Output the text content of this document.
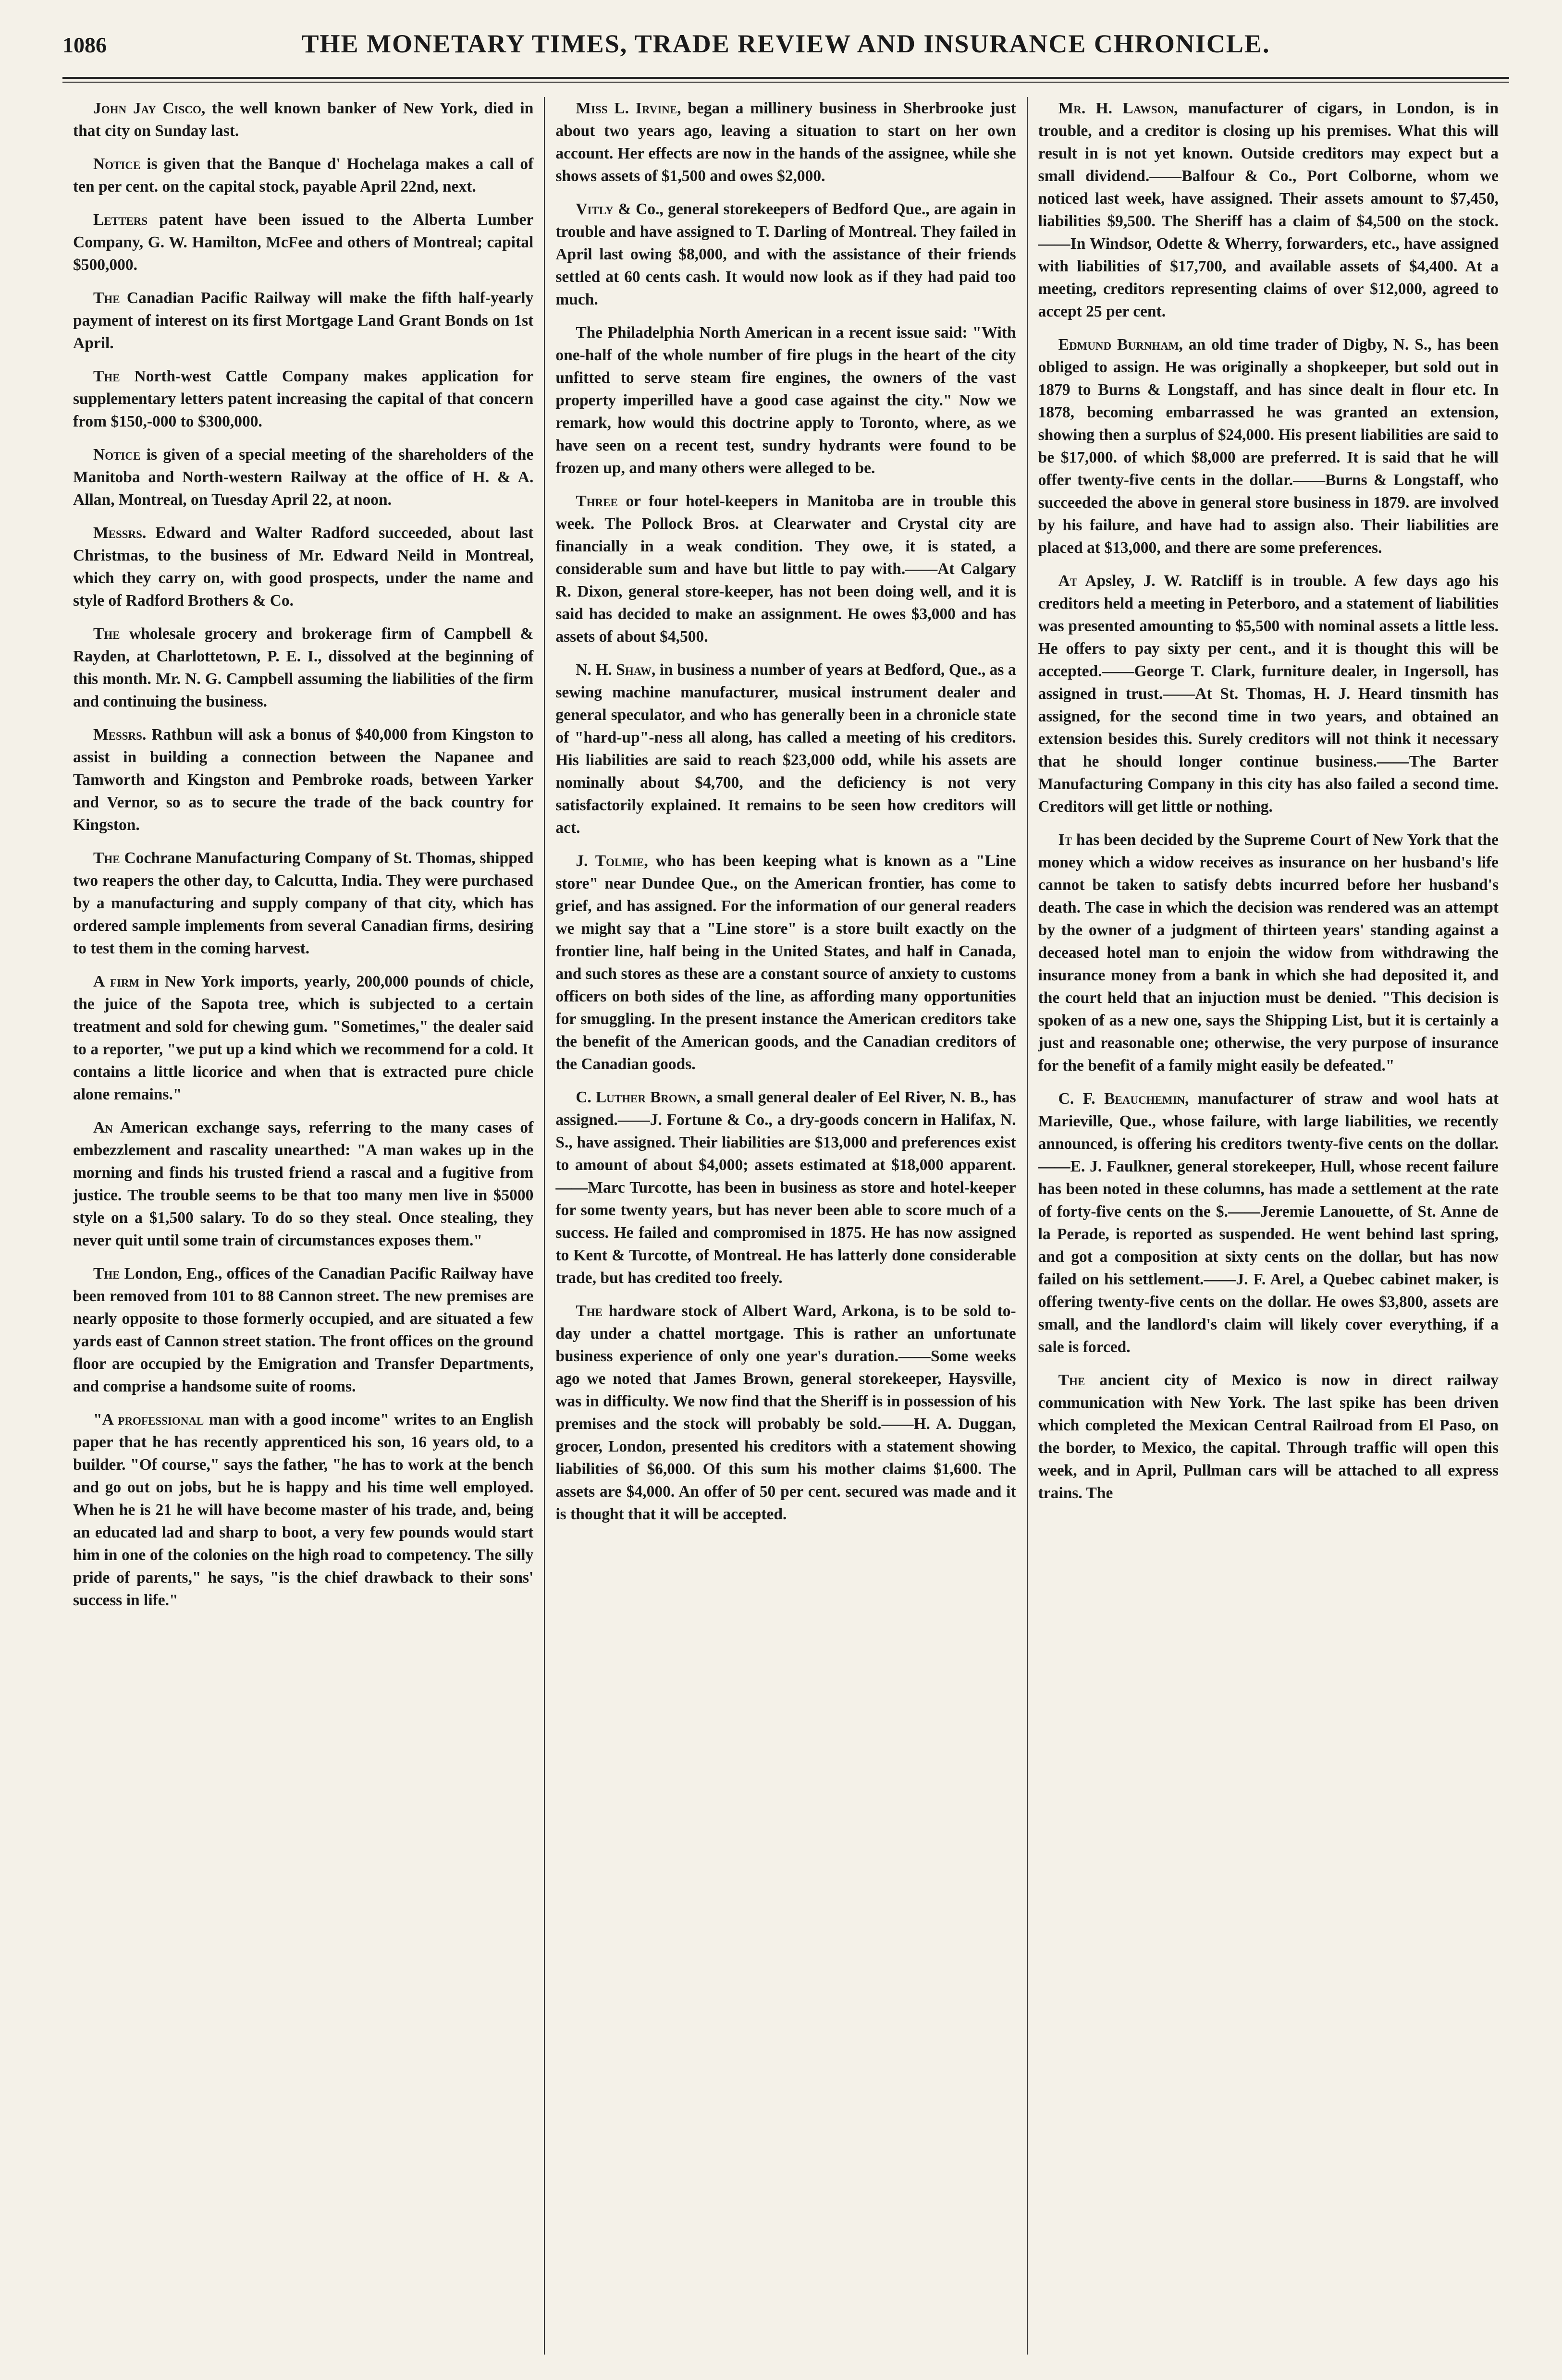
1086	THE MONETARY TIMES, TRADE REVIEW AND INSURANCE CHRONICLE.

John Jay Cisco, the well known banker of New York, died in that city on Sunday last.

Notice is given that the Banque d' Hochelaga makes a call of ten per cent. on the capital stock, payable April 22nd, next.

Letters patent have been issued to the Alberta Lumber Company, G. W. Hamilton, McFee and others of Montreal; capital $500,000.

The Canadian Pacific Railway will make the fifth half-yearly payment of interest on its first Mortgage Land Grant Bonds on 1st April.

The North-west Cattle Company makes application for supplementary letters patent increasing the capital of that concern from $150,-000 to $300,000.

Notice is given of a special meeting of the shareholders of the Manitoba and North-western Railway at the office of H. & A. Allan, Montreal, on Tuesday April 22, at noon.

Messrs. Edward and Walter Radford succeeded, about last Christmas, to the business of Mr. Edward Neild in Montreal, which they carry on, with good prospects, under the name and style of Radford Brothers & Co.

The wholesale grocery and brokerage firm of Campbell & Rayden, at Charlottetown, P. E. I., dissolved at the beginning of this month. Mr. N. G. Campbell assuming the liabilities of the firm and continuing the business.

Messrs. Rathbun will ask a bonus of $40,000 from Kingston to assist in building a connection between the Napanee and Tamworth and Kingston and Pembroke roads, between Yarker and Vernor, so as to secure the trade of the back country for Kingston.

The Cochrane Manufacturing Company of St. Thomas, shipped two reapers the other day, to Calcutta, India. They were purchased by a manufacturing and supply company of that city, which has ordered sample implements from several Canadian firms, desiring to test them in the coming harvest.

A firm in New York imports, yearly, 200,000 pounds of chicle, the juice of the Sapota tree, which is subjected to a certain treatment and sold for chewing gum. "Sometimes," the dealer said to a reporter, "we put up a kind which we recommend for a cold. It contains a little licorice and when that is extracted pure chicle alone remains."

An American exchange says, referring to the many cases of embezzlement and rascality unearthed: "A man wakes up in the morning and finds his trusted friend a rascal and a fugitive from justice. The trouble seems to be that too many men live in $5000 style on a $1,500 salary. To do so they steal. Once stealing, they never quit until some train of circumstances exposes them."

The London, Eng., offices of the Canadian Pacific Railway have been removed from 101 to 88 Cannon street. The new premises are nearly opposite to those formerly occupied, and are situated a few yards east of Cannon street station. The front offices on the ground floor are occupied by the Emigration and Transfer Departments, and comprise a handsome suite of rooms.

"A professional man with a good income" writes to an English paper that he has recently apprenticed his son, 16 years old, to a builder. "Of course," says the father, "he has to work at the bench and go out on jobs, but he is happy and his time well employed. When he is 21 he will have become master of his trade, and, being an educated lad and sharp to boot, a very few pounds would start him in one of the colonies on the high road to competency. The silly pride of parents," he says, "is the chief drawback to their sons' success in life."

Miss L. Irvine, began a millinery business in Sherbrooke just about two years ago, leaving a situation to start on her own account. Her effects are now in the hands of the assignee, while she shows assets of $1,500 and owes $2,000.

Vitly & Co., general storekeepers of Bedford Que., are again in trouble and have assigned to T. Darling of Montreal. They failed in April last owing $8,000, and with the assistance of their friends settled at 60 cents cash. It would now look as if they had paid too much.

The Philadelphia North American in a recent issue said: "With one-half of the whole number of fire plugs in the heart of the city unfitted to serve steam fire engines, the owners of the vast property imperilled have a good case against the city." Now we remark, how would this doctrine apply to Toronto, where, as we have seen on a recent test, sundry hydrants were found to be frozen up, and many others were alleged to be.

Three or four hotel-keepers in Manitoba are in trouble this week. The Pollock Bros. at Clearwater and Crystal city are financially in a weak condition. They owe, it is stated, a considerable sum and have but little to pay with.——At Calgary R. Dixon, general store-keeper, has not been doing well, and it is said has decided to make an assignment. He owes $3,000 and has assets of about $4,500.

N. H. Shaw, in business a number of years at Bedford, Que., as a sewing machine manufacturer, musical instrument dealer and general speculator, and who has generally been in a chronicle state of "hard-up"-ness all along, has called a meeting of his creditors. His liabilities are said to reach $23,000 odd, while his assets are nominally about $4,700, and the deficiency is not very satisfactorily explained. It remains to be seen how creditors will act.

J. Tolmie, who has been keeping what is known as a "Line store" near Dundee Que., on the American frontier, has come to grief, and has assigned. For the information of our general readers we might say that a "Line store" is a store built exactly on the frontier line, half being in the United States, and half in Canada, and such stores as these are a constant source of anxiety to customs officers on both sides of the line, as affording many opportunities for smuggling. In the present instance the American creditors take the benefit of the American goods, and the Canadian creditors of the Canadian goods.

C. Luther Brown, a small general dealer of Eel River, N. B., has assigned.——J. Fortune & Co., a dry-goods concern in Halifax, N. S., have assigned. Their liabilities are $13,000 and preferences exist to amount of about $4,000; assets estimated at $18,000 apparent.——Marc Turcotte, has been in business as store and hotel-keeper for some twenty years, but has never been able to score much of a success. He failed and compromised in 1875. He has now assigned to Kent & Turcotte, of Montreal. He has latterly done considerable trade, but has credited too freely.

The hardware stock of Albert Ward, Arkona, is to be sold to-day under a chattel mortgage. This is rather an unfortunate business experience of only one year's duration.——Some weeks ago we noted that James Brown, general storekeeper, Haysville, was in difficulty. We now find that the Sheriff is in possession of his premises and the stock will probably be sold.——H. A. Duggan, grocer, London, presented his creditors with a statement showing liabilities of $6,000. Of this sum his mother claims $1,600. The assets are $4,000. An offer of 50 per cent. secured was made and it is thought that it will be accepted.

Mr. H. Lawson, manufacturer of cigars, in London, is in trouble, and a creditor is closing up his premises. What this will result in is not yet known. Outside creditors may expect but a small dividend.——Balfour & Co., Port Colborne, whom we noticed last week, have assigned. Their assets amount to $7,450, liabilities $9,500. The Sheriff has a claim of $4,500 on the stock.——In Windsor, Odette & Wherry, forwarders, etc., have assigned with liabilities of $17,700, and available assets of $4,400. At a meeting, creditors representing claims of over $12,000, agreed to accept 25 per cent.

Edmund Burnham, an old time trader of Digby, N. S., has been obliged to assign. He was originally a shopkeeper, but sold out in 1879 to Burns & Longstaff, and has since dealt in flour etc. In 1878, becoming embarrassed he was granted an extension, showing then a surplus of $24,000. His present liabilities are said to be $17,000. of which $8,000 are preferred. It is said that he will offer twenty-five cents in the dollar.——Burns & Longstaff, who succeeded the above in general store business in 1879. are involved by his failure, and have had to assign also. Their liabilities are placed at $13,000, and there are some preferences.

At Apsley, J. W. Ratcliff is in trouble. A few days ago his creditors held a meeting in Peterboro, and a statement of liabilities was presented amounting to $5,500 with nominal assets a little less. He offers to pay sixty per cent., and it is thought this will be accepted.——George T. Clark, furniture dealer, in Ingersoll, has assigned in trust.——At St. Thomas, H. J. Heard tinsmith has assigned, for the second time in two years, and obtained an extension besides this. Surely creditors will not think it necessary that he should longer continue business.——The Barter Manufacturing Company in this city has also failed a second time. Creditors will get little or nothing.

It has been decided by the Supreme Court of New York that the money which a widow receives as insurance on her husband's life cannot be taken to satisfy debts incurred before her husband's death. The case in which the decision was rendered was an attempt by the owner of a judgment of thirteen years' standing against a deceased hotel man to enjoin the widow from withdrawing the insurance money from a bank in which she had deposited it, and the court held that an injuction must be denied. "This decision is spoken of as a new one, says the Shipping List, but it is certainly a just and reasonable one; otherwise, the very purpose of insurance for the benefit of a family might easily be defeated."

C. F. Beauchemin, manufacturer of straw and wool hats at Marieville, Que., whose failure, with large liabilities, we recently announced, is offering his creditors twenty-five cents on the dollar.——E. J. Faulkner, general storekeeper, Hull, whose recent failure has been noted in these columns, has made a settlement at the rate of forty-five cents on the $.——Jeremie Lanouette, of St. Anne de la Perade, is reported as suspended. He went behind last spring, and got a composition at sixty cents on the dollar, but has now failed on his settlement.——J. F. Arel, a Quebec cabinet maker, is offering twenty-five cents on the dollar. He owes $3,800, assets are small, and the landlord's claim will likely cover everything, if a sale is forced.

The ancient city of Mexico is now in direct railway communication with New York. The last spike has been driven which completed the Mexican Central Railroad from El Paso, on the border, to Mexico, the capital. Through traffic will open this week, and in April, Pullman cars will be attached to all express trains. The
